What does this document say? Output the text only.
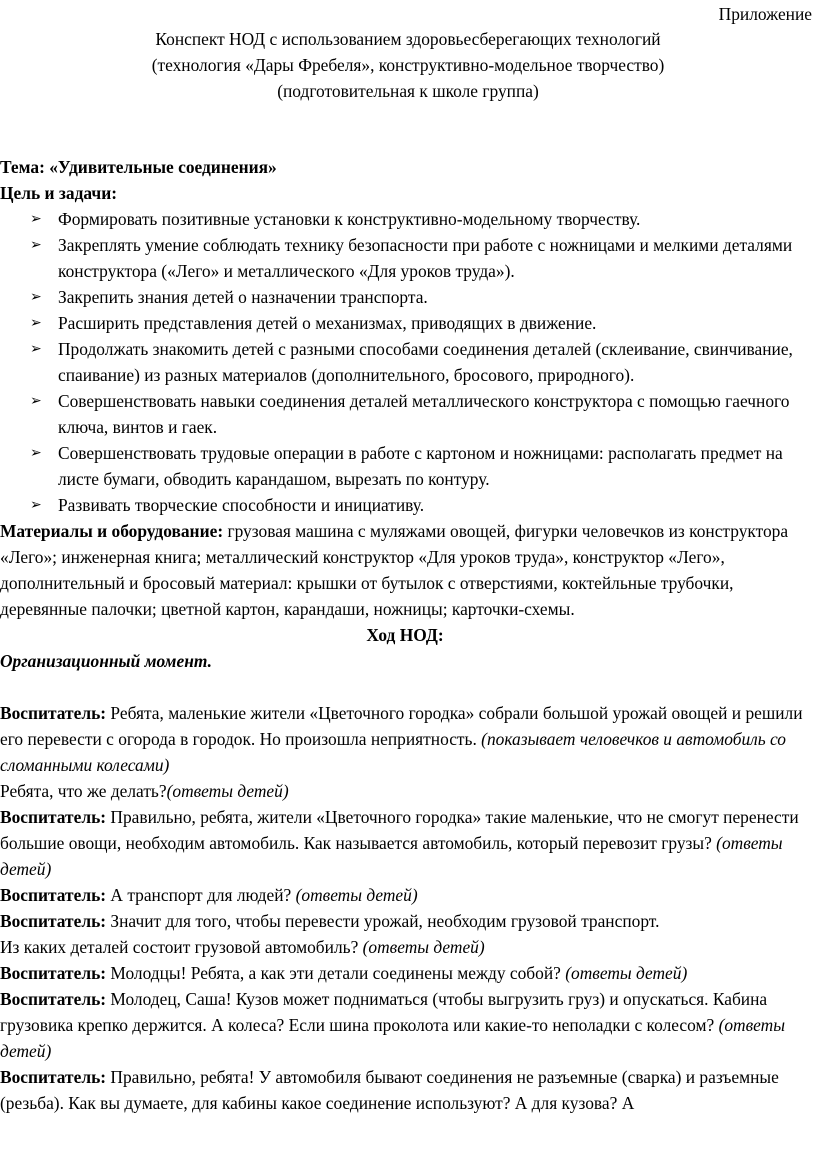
Приложение
Конспект НОД с использованием здоровьесберегающих технологий
(технология «Дары Фребеля», конструктивно-модельное творчество)
(подготовительная к школе группа)

Тема: «Удивительные соединения»

Цель и задачи:

➢ Формировать позитивные установки к конструктивно-модельному творчеству.
➢ Закреплять умение соблюдать технику безопасности при работе с ножницами и мелкими деталями конструктора («Лего» и металлического «Для уроков труда»).
➢ Закрепить знания детей о назначении транспорта.
➢ Расширить представления детей о механизмах, приводящих в движение.
➢ Продолжать знакомить детей с разными способами соединения деталей (склеивание, свинчивание, спаивание) из разных материалов (дополнительного, бросового, природного).
➢ Совершенствовать навыки соединения деталей металлического конструктора с помощью гаечного ключа, винтов и гаек.
➢ Совершенствовать трудовые операции в работе с картоном и ножницами: располагать предмет на листе бумаги, обводить карандашом, вырезать по контуру.
➢ Развивать творческие способности и инициативу.

Материалы и оборудование: грузовая машина с муляжами овощей, фигурки человечков из конструктора «Лего»; инженерная книга; металлический конструктор «Для уроков труда», конструктор «Лего», дополнительный и бросовый материал: крышки от бутылок с отверстиями, коктейльные трубочки, деревянные палочки; цветной картон, карандаши, ножницы; карточки-схемы.

Ход НОД:

Организационный момент.

Воспитатель: Ребята, маленькие жители «Цветочного городка» собрали большой урожай овощей и решили его перевести с огорода в городок. Но произошла неприятность. (показывает человечков и автомобиль со сломанными колесами)

Ребята, что же делать?(ответы детей)

Воспитатель: Правильно, ребята, жители «Цветочного городка» такие маленькие, что не смогут перенести большие овощи, необходим автомобиль. Как называется автомобиль, который перевозит грузы? (ответы детей)

Воспитатель: А транспорт для людей? (ответы детей)

Воспитатель: Значит для того, чтобы перевести урожай, необходим грузовой транспорт.

Из каких деталей состоит грузовой автомобиль? (ответы детей)

Воспитатель: Молодцы! Ребята, а как эти детали соединены между собой? (ответы детей)

Воспитатель: Молодец, Саша! Кузов может подниматься (чтобы выгрузить груз) и опускаться. Кабина грузовика крепко держится. А колеса? Если шина проколота или какие-то неполадки с колесом? (ответы детей)

Воспитатель: Правильно, ребята! У автомобиля бывают соединения не разъемные (сварка) и разъемные (резьба). Как вы думаете, для кабины какое соединение используют? А для кузова? А
